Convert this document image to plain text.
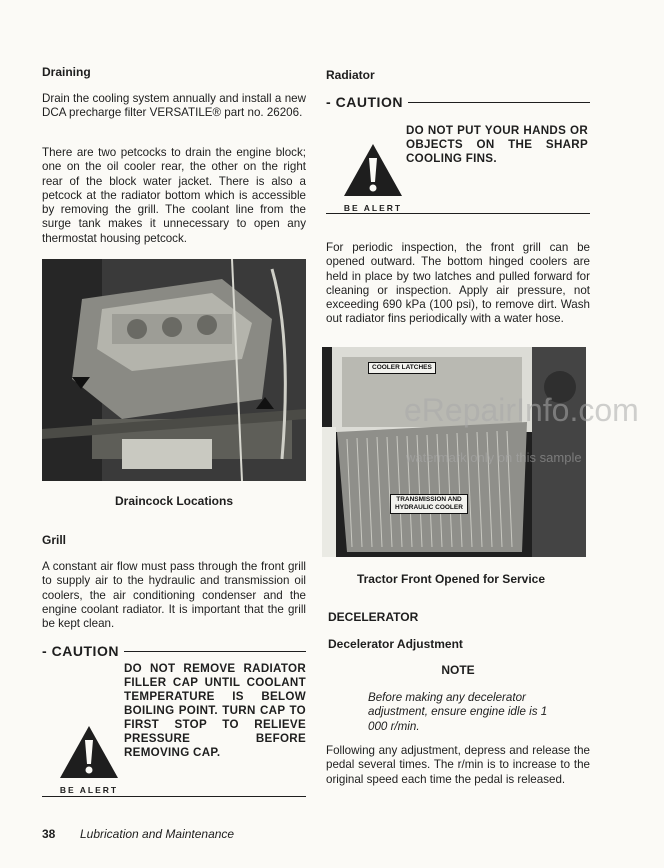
Draining
Drain the cooling system annually and install a new DCA precharge filter VERSATILE® part no. 26206.
There are two petcocks to drain the engine block; one on the oil cooler rear, the other on the right rear of the block water jacket. There is also a petcock at the radiator bottom which is accessible by removing the grill. The coolant line from the surge tank makes it unnecessary to open any thermostat housing petcock.
Draincock Locations
Grill
A constant air flow must pass through the front grill to supply air to the hydraulic and transmission oil coolers, the air conditioning condenser and the engine coolant radiator. It is important that the grill be kept clean.
- CAUTION
DO NOT REMOVE RADIATOR FILLER CAP UNTIL COOLANT TEMPERATURE IS BELOW BOILING POINT. TURN CAP TO FIRST STOP TO RELIEVE PRESSURE BEFORE REMOVING CAP.
BE ALERT
Radiator
- CAUTION
DO NOT PUT YOUR HANDS OR OBJECTS ON THE SHARP COOLING FINS.
BE ALERT
For periodic inspection, the front grill can be opened outward. The bottom hinged coolers are held in place by two latches and pulled forward for cleaning or inspection. Apply air pressure, not exceeding 690 kPa (100 psi), to remove dirt. Wash out radiator fins periodically with a water hose.
COOLER LATCHES
TRANSMISSION AND HYDRAULIC COOLER
eRepairInfo.com
watermark only on this sample
Tractor Front Opened for Service
DECELERATOR
Decelerator Adjustment
NOTE
Before making any decelerator adjustment, ensure engine idle is 1 000 r/min.
Following any adjustment, depress and release the pedal several times. The r/min is to increase to the original speed each time the pedal is released.
38 Lubrication and Maintenance
